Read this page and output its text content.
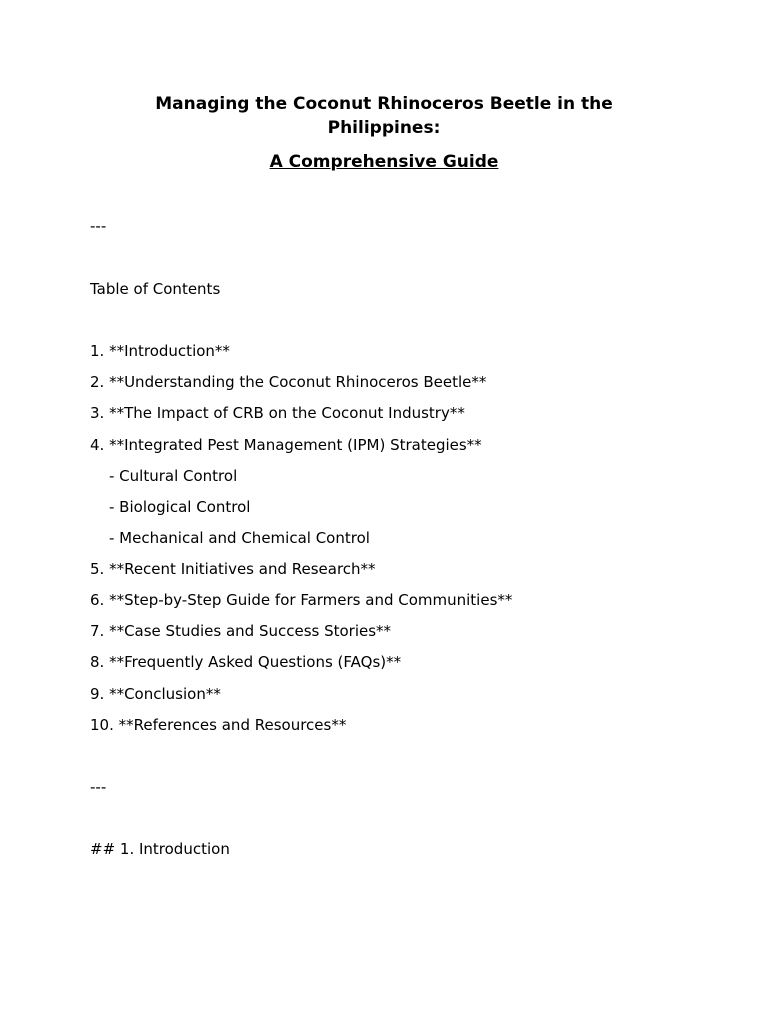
Managing the Coconut Rhinoceros Beetle in the Philippines:
A Comprehensive Guide

---

Table of Contents

1. **Introduction**

2. **Understanding the Coconut Rhinoceros Beetle**

3. **The Impact of CRB on the Coconut Industry**

4. **Integrated Pest Management (IPM) Strategies**

- Cultural Control

- Biological Control

- Mechanical and Chemical Control

5. **Recent Initiatives and Research**

6. **Step-by-Step Guide for Farmers and Communities**

7. **Case Studies and Success Stories**

8. **Frequently Asked Questions (FAQs)**

9. **Conclusion**

10. **References and Resources**

---

## 1. Introduction
